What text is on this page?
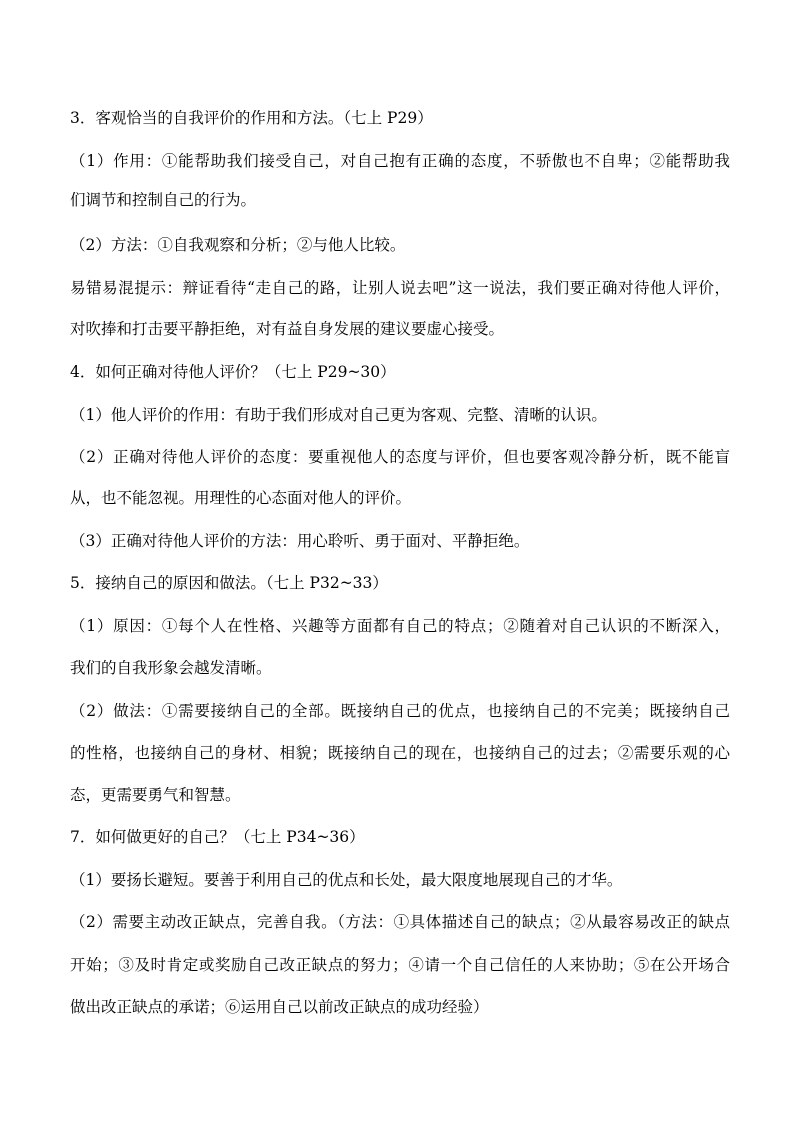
3．客观恰当的自我评价的作用和方法。（七上 P29）

（1）作用：①能帮助我们接受自己，对自己抱有正确的态度，不骄傲也不自卑；②能帮助我

们调节和控制自己的行为。

（2）方法：①自我观察和分析；②与他人比较。

易错易混提示：辩证看待“走自己的路，让别人说去吧”这一说法，我们要正确对待他人评价，

对吹捧和打击要平静拒绝，对有益自身发展的建议要虚心接受。

4．如何正确对待他人评价？（七上 P29~30）

（1）他人评价的作用：有助于我们形成对自己更为客观、完整、清晰的认识。

（2）正确对待他人评价的态度：要重视他人的态度与评价，但也要客观冷静分析，既不能盲

从，也不能忽视。用理性的心态面对他人的评价。

（3）正确对待他人评价的方法：用心聆听、勇于面对、平静拒绝。

5．接纳自己的原因和做法。（七上 P32~33）

（1）原因：①每个人在性格、兴趣等方面都有自己的特点；②随着对自己认识的不断深入，

我们的自我形象会越发清晰。

（2）做法：①需要接纳自己的全部。既接纳自己的优点，也接纳自己的不完美；既接纳自己

的性格，也接纳自己的身材、相貌；既接纳自己的现在，也接纳自己的过去；②需要乐观的心

态，更需要勇气和智慧。

7．如何做更好的自己？（七上 P34~36）

（1）要扬长避短。要善于利用自己的优点和长处，最大限度地展现自己的才华。

（2）需要主动改正缺点，完善自我。（方法：①具体描述自己的缺点；②从最容易改正的缺点

开始；③及时肯定或奖励自己改正缺点的努力；④请一个自己信任的人来协助；⑤在公开场合

做出改正缺点的承诺；⑥运用自己以前改正缺点的成功经验）
